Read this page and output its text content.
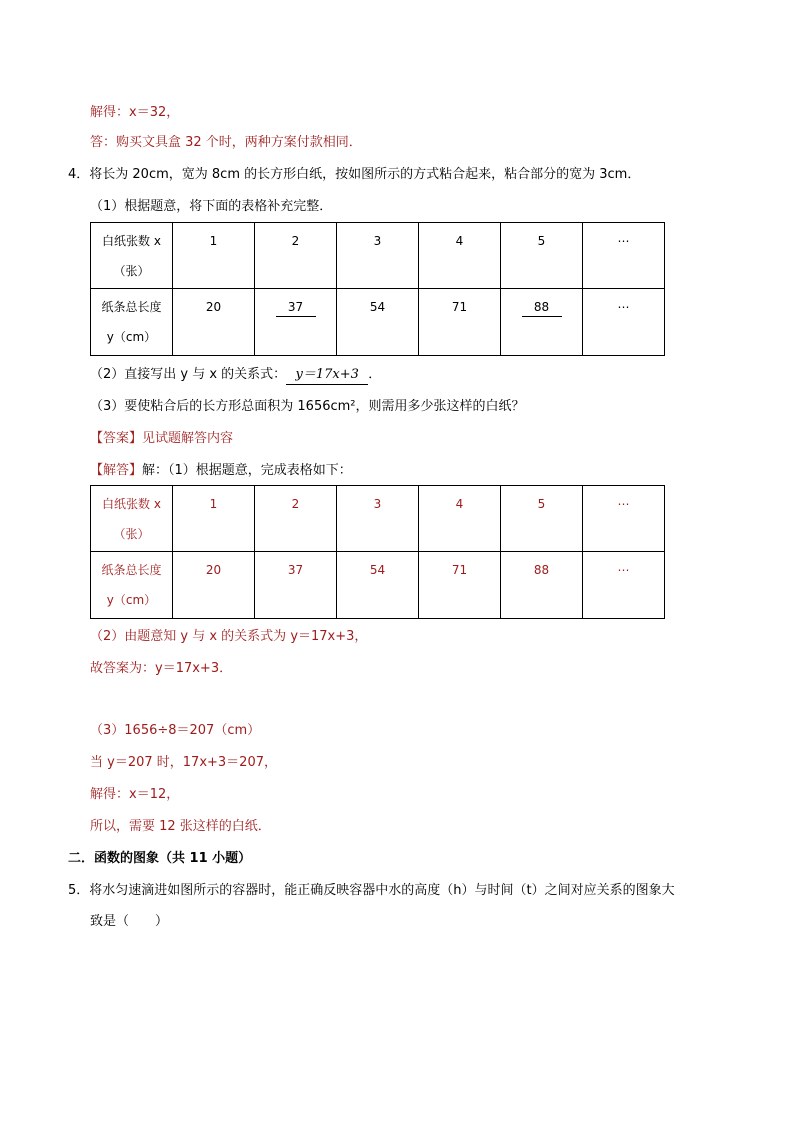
解得：x＝32，
答：购买文具盒 32 个时，两种方案付款相同．
4．将长为 20cm，宽为 8cm 的长方形白纸，按如图所示的方式粘合起来，粘合部分的宽为 3cm．
（1）根据题意，将下面的表格补充完整．
白纸张数 x
（张）	1	2	3	4	5	⋯

纸条总长度
y（cm）	20	37	54	71	88	⋯
（2）直接写出 y 与 x 的关系式： y＝17x+3 ．
（3）要使粘合后的长方形总面积为 1656cm²，则需用多少张这样的白纸？
【答案】见试题解答内容
【解答】解：（1）根据题意，完成表格如下：
白纸张数 x
（张）	1	2	3	4	5	⋯

纸条总长度
y（cm）	20	37	54	71	88	⋯
（2）由题意知 y 与 x 的关系式为 y＝17x+3，
故答案为：y＝17x+3．
（3）1656÷8＝207（cm）
当 y＝207 时，17x+3＝207，
解得：x＝12，
所以，需要 12 张这样的白纸．
二．函数的图象（共 11 小题）
5．将水匀速滴进如图所示的容器时，能正确反映容器中水的高度（h）与时间（t）之间对应关系的图象大
致是（　　）
